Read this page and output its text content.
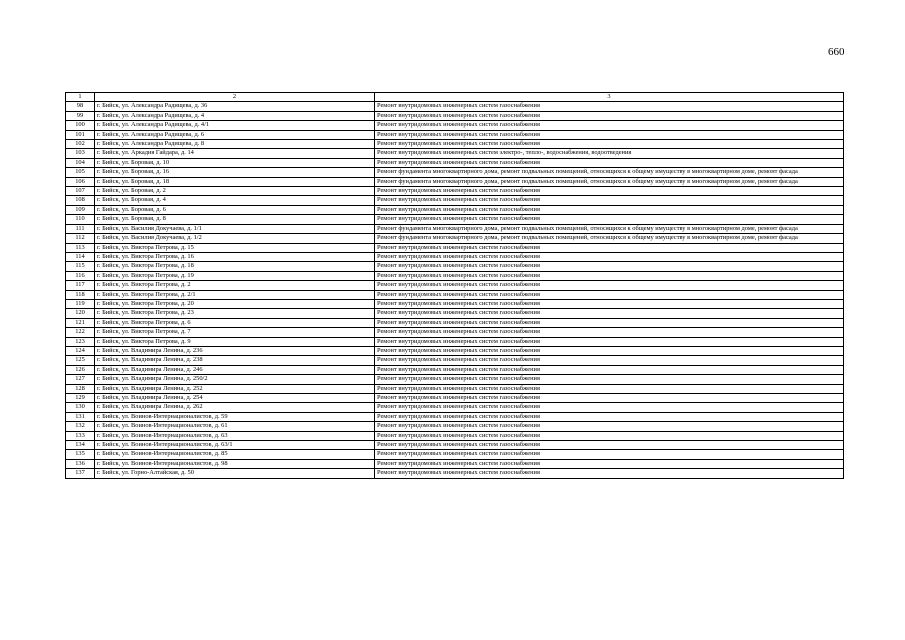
660
1	2	3
98	г. Бийск, ул. Александра Радищева, д. 36	Ремонт внутридомовых инженерных систем газоснабжения
99	г. Бийск, ул. Александра Радищева, д. 4	Ремонт внутридомовых инженерных систем газоснабжения
100	г. Бийск, ул. Александра Радищева, д. 4/1	Ремонт внутридомовых инженерных систем газоснабжения
101	г. Бийск, ул. Александра Радищева, д. 6	Ремонт внутридомовых инженерных систем газоснабжения
102	г. Бийск, ул. Александра Радищева, д. 8	Ремонт внутридомовых инженерных систем газоснабжения
103	г. Бийск, ул. Аркадия Гайдара, д. 14	Ремонт внутридомовых инженерных систем электро-, тепло-, водоснабжения, водоотведения
104	г. Бийск, ул. Боровая, д. 10	Ремонт внутридомовых инженерных систем газоснабжения
105	г. Бийск, ул. Боровая, д. 16	Ремонт фундамента многоквартирного дома, ремонт подвальных помещений, относящихся к общему имуществу в многоквартирном доме, ремонт фасада
106	г. Бийск, ул. Боровая, д. 18	Ремонт фундамента многоквартирного дома, ремонт подвальных помещений, относящихся к общему имуществу в многоквартирном доме, ремонт фасада
107	г. Бийск, ул. Боровая, д. 2	Ремонт внутридомовых инженерных систем газоснабжения
108	г. Бийск, ул. Боровая, д. 4	Ремонт внутридомовых инженерных систем газоснабжения
109	г. Бийск, ул. Боровая, д. 6	Ремонт внутридомовых инженерных систем газоснабжения
110	г. Бийск, ул. Боровая, д. 8	Ремонт внутридомовых инженерных систем газоснабжения
111	г. Бийск, ул. Василия Докучаева, д. 1/1	Ремонт фундамента многоквартирного дома, ремонт подвальных помещений, относящихся к общему имуществу в многоквартирном доме, ремонт фасада
112	г. Бийск, ул. Василия Докучаева, д. 1/2	Ремонт фундамента многоквартирного дома, ремонт подвальных помещений, относящихся к общему имуществу в многоквартирном доме, ремонт фасада
113	г. Бийск, ул. Виктора Петрова, д. 15	Ремонт внутридомовых инженерных систем газоснабжения
114	г. Бийск, ул. Виктора Петрова, д. 16	Ремонт внутридомовых инженерных систем газоснабжения
115	г. Бийск, ул. Виктора Петрова, д. 18	Ремонт внутридомовых инженерных систем газоснабжения
116	г. Бийск, ул. Виктора Петрова, д. 19	Ремонт внутридомовых инженерных систем газоснабжения
117	г. Бийск, ул. Виктора Петрова, д. 2	Ремонт внутридомовых инженерных систем газоснабжения
118	г. Бийск, ул. Виктора Петрова, д. 2/1	Ремонт внутридомовых инженерных систем газоснабжения
119	г. Бийск, ул. Виктора Петрова, д. 20	Ремонт внутридомовых инженерных систем газоснабжения
120	г. Бийск, ул. Виктора Петрова, д. 23	Ремонт внутридомовых инженерных систем газоснабжения
121	г. Бийск, ул. Виктора Петрова, д. 6	Ремонт внутридомовых инженерных систем газоснабжения
122	г. Бийск, ул. Виктора Петрова, д. 7	Ремонт внутридомовых инженерных систем газоснабжения
123	г. Бийск, ул. Виктора Петрова, д. 9	Ремонт внутридомовых инженерных систем газоснабжения
124	г. Бийск, ул. Владимира Ленина, д. 236	Ремонт внутридомовых инженерных систем газоснабжения
125	г. Бийск, ул. Владимира Ленина, д. 238	Ремонт внутридомовых инженерных систем газоснабжения
126	г. Бийск, ул. Владимира Ленина, д. 246	Ремонт внутридомовых инженерных систем газоснабжения
127	г. Бийск, ул. Владимира Ленина, д. 250/2	Ремонт внутридомовых инженерных систем газоснабжения
128	г. Бийск, ул. Владимира Ленина, д. 252	Ремонт внутридомовых инженерных систем газоснабжения
129	г. Бийск, ул. Владимира Ленина, д. 254	Ремонт внутридомовых инженерных систем газоснабжения
130	г. Бийск, ул. Владимира Ленина, д. 262	Ремонт внутридомовых инженерных систем газоснабжения
131	г. Бийск, ул. Воинов-Интернационалистов, д. 59	Ремонт внутридомовых инженерных систем газоснабжения
132	г. Бийск, ул. Воинов-Интернационалистов, д. 61	Ремонт внутридомовых инженерных систем газоснабжения
133	г. Бийск, ул. Воинов-Интернационалистов, д. 63	Ремонт внутридомовых инженерных систем газоснабжения
134	г. Бийск, ул. Воинов-Интернационалистов, д. 63/1	Ремонт внутридомовых инженерных систем газоснабжения
135	г. Бийск, ул. Воинов-Интернационалистов, д. 85	Ремонт внутридомовых инженерных систем газоснабжения
136	г. Бийск, ул. Воинов-Интернационалистов, д. 98	Ремонт внутридомовых инженерных систем газоснабжения
137	г. Бийск, ул. Горно-Алтайская, д. 50	Ремонт внутридомовых инженерных систем газоснабжения
